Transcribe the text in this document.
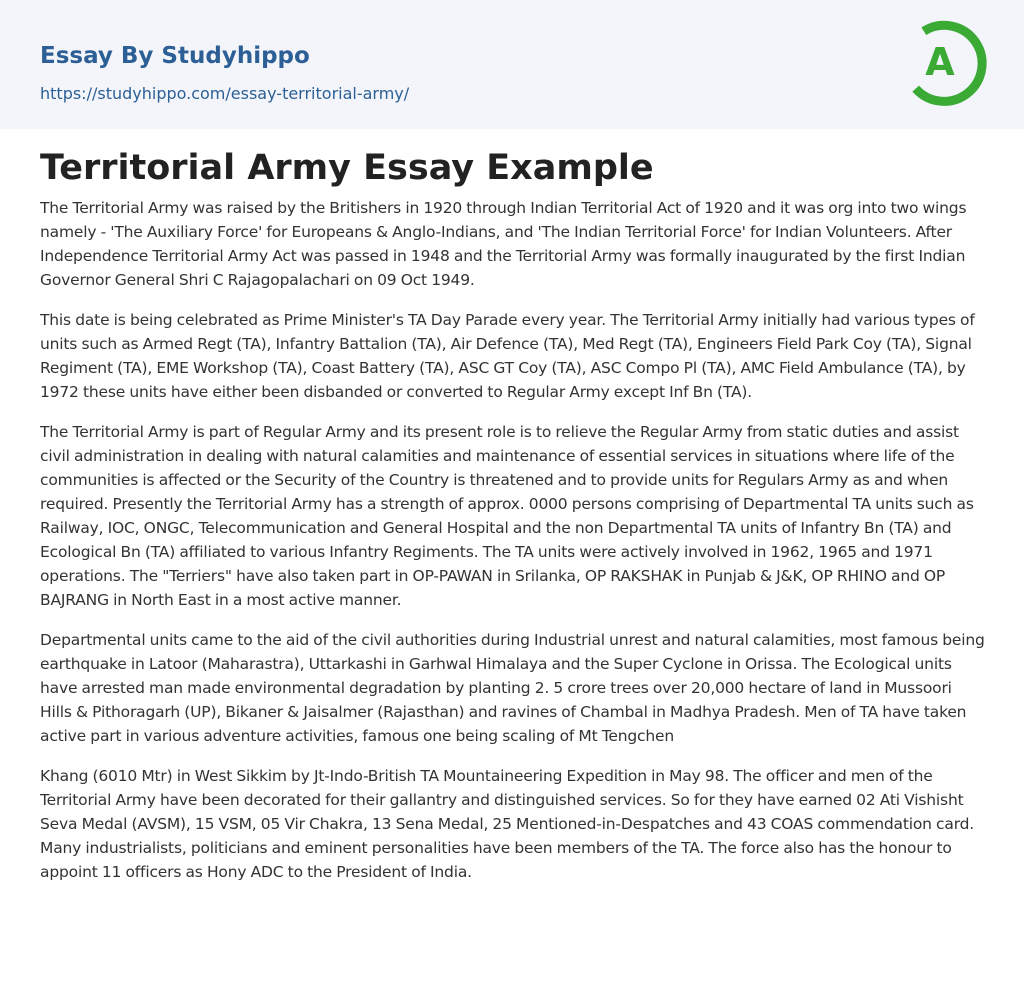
Essay By Studyhippo
https://studyhippo.com/essay-territorial-army/
A
Territorial Army Essay Example

The Territorial Army was raised by the Britishers in 1920 through Indian Territorial Act of 1920 and it was org into two wings namely - 'The Auxiliary Force' for Europeans & Anglo-Indians, and 'The Indian Territorial Force' for Indian Volunteers. After Independence Territorial Army Act was passed in 1948 and the Territorial Army was formally inaugurated by the first Indian Governor General Shri C Rajagopalachari on 09 Oct 1949.

This date is being celebrated as Prime Minister's TA Day Parade every year. The Territorial Army initially had various types of units such as Armed Regt (TA), Infantry Battalion (TA), Air Defence (TA), Med Regt (TA), Engineers Field Park Coy (TA), Signal Regiment (TA), EME Workshop (TA), Coast Battery (TA), ASC GT Coy (TA), ASC Compo Pl (TA), AMC Field Ambulance (TA), by 1972 these units have either been disbanded or converted to Regular Army except Inf Bn (TA).

The Territorial Army is part of Regular Army and its present role is to relieve the Regular Army from static duties and assist civil administration in dealing with natural calamities and maintenance of essential services in situations where life of the communities is affected or the Security of the Country is threatened and to provide units for Regulars Army as and when required. Presently the Territorial Army has a strength of approx. 0000 persons comprising of Departmental TA units such as Railway, IOC, ONGC, Telecommunication and General Hospital and the non Departmental TA units of Infantry Bn (TA) and Ecological Bn (TA) affiliated to various Infantry Regiments. The TA units were actively involved in 1962, 1965 and 1971 operations. The "Terriers" have also taken part in OP-PAWAN in Srilanka, OP RAKSHAK in Punjab & J&K, OP RHINO and OP BAJRANG in North East in a most active manner.

Departmental units came to the aid of the civil authorities during Industrial unrest and natural calamities, most famous being earthquake in Latoor (Maharastra), Uttarkashi in Garhwal Himalaya and the Super Cyclone in Orissa. The Ecological units have arrested man made environmental degradation by planting 2. 5 crore trees over 20,000 hectare of land in Mussoori Hills & Pithoragarh (UP), Bikaner & Jaisalmer (Rajasthan) and ravines of Chambal in Madhya Pradesh. Men of TA have taken active part in various adventure activities, famous one being scaling of Mt Tengchen

Khang (6010 Mtr) in West Sikkim by Jt-Indo-British TA Mountaineering Expedition in May 98. The officer and men of the Territorial Army have been decorated for their gallantry and distinguished services. So for they have earned 02 Ati Vishisht Seva Medal (AVSM), 15 VSM, 05 Vir Chakra, 13 Sena Medal, 25 Mentioned-in-Despatches and 43 COAS commendation card. Many industrialists, politicians and eminent personalities have been members of the TA. The force also has the honour to appoint 11 officers as Hony ADC to the President of India.
